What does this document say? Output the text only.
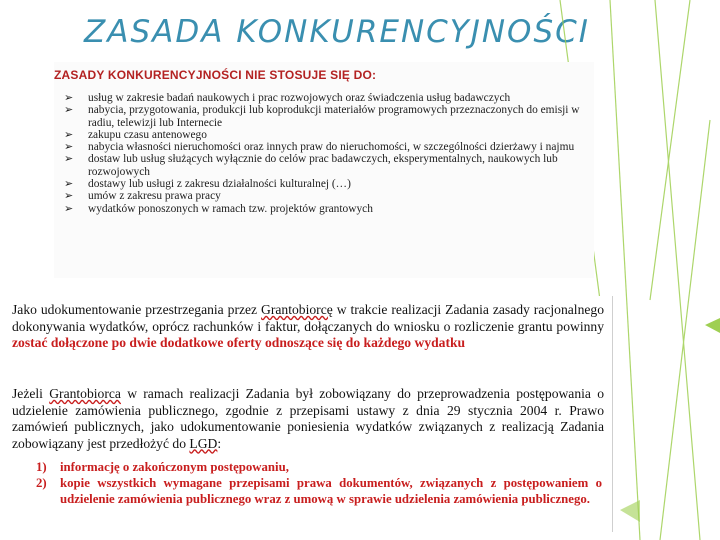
ZASADA KONKURENCYJNOŚCI
ZASADY KONKURENCYJNOŚCI NIE STOSUJE SIĘ DO:
➢ usług w zakresie badań naukowych i prac rozwojowych oraz świadczenia usług badawczych
➢ nabycia, przygotowania, produkcji lub koprodukcji materiałów programowych przeznaczonych do emisji w radiu, telewizji lub Internecie
➢ zakupu czasu antenowego
➢ nabycia własności nieruchomości oraz innych praw do nieruchomości, w szczególności dzierżawy i najmu
➢ dostaw lub usług służących wyłącznie do celów prac badawczych, eksperymentalnych, naukowych lub rozwojowych
➢ dostawy lub usługi z zakresu działalności kulturalnej (…)
➢ umów z zakresu prawa pracy
➢ wydatków ponoszonych w ramach tzw. projektów grantowych

Jako udokumentowanie przestrzegania przez Grantobiorcę w trakcie realizacji Zadania zasady racjonalnego dokonywania wydatków, oprócz rachunków i faktur, dołączanych do wniosku o rozliczenie grantu powinny zostać dołączone po dwie dodatkowe oferty odnoszące się do każdego wydatku

Jeżeli Grantobiorca w ramach realizacji Zadania był zobowiązany do przeprowadzenia postępowania o udzielenie zamówienia publicznego, zgodnie z przepisami ustawy z dnia 29 stycznia 2004 r. Prawo zamówień publicznych, jako udokumentowanie poniesienia wydatków związanych z realizacją Zadania zobowiązany jest przedłożyć do LGD:

1) informację o zakończonym postępowaniu,
2) kopie wszystkich wymagane przepisami prawa dokumentów, związanych z postępowaniem o udzielenie zamówienia publicznego wraz z umową w sprawie udzielenia zamówienia publicznego.
